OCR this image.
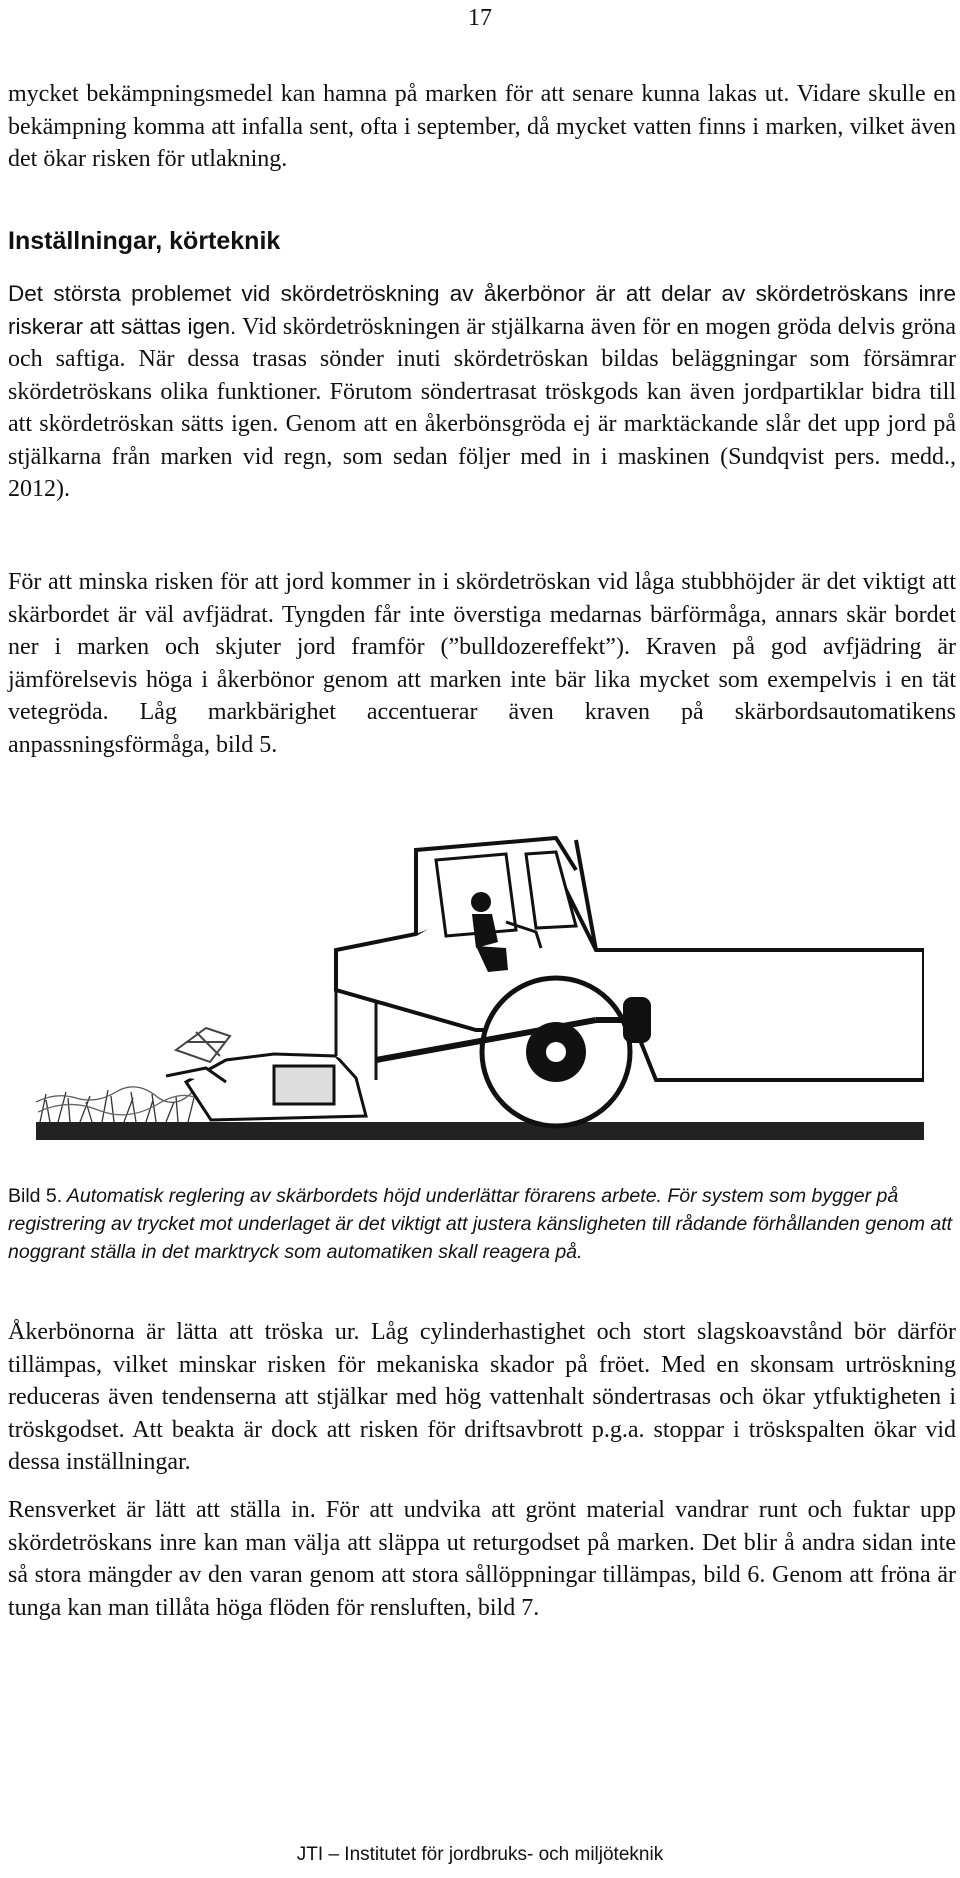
17

mycket bekämpningsmedel kan hamna på marken för att senare kunna lakas ut. Vidare skulle en bekämpning komma att infalla sent, ofta i september, då mycket vatten finns i marken, vilket även det ökar risken för utlakning.

Inställningar, körteknik

Det största problemet vid skördetröskning av åkerbönor är att delar av skördetröskans inre riskerar att sättas igen. Vid skördetröskningen är stjälkarna även för en mogen gröda delvis gröna och saftiga. När dessa trasas sönder inuti skördetröskan bildas beläggningar som försämrar skördetröskans olika funktioner. Förutom söndertrasat tröskgods kan även jordpartiklar bidra till att skördetröskan sätts igen. Genom att en åkerbönsgröda ej är marktäckande slår det upp jord på stjälkarna från marken vid regn, som sedan följer med in i maskinen (Sundqvist pers. medd., 2012).

För att minska risken för att jord kommer in i skördetröskan vid låga stubbhöjder är det viktigt att skärbordet är väl avfjädrat. Tyngden får inte överstiga medarnas bärförmåga, annars skär bordet ner i marken och skjuter jord framför (”bulldozereffekt”). Kraven på god avfjädring är jämförelsevis höga i åkerbönor genom att marken inte bär lika mycket som exempelvis i en tät vetegröda. Låg markbärighet accentuerar även kraven på skärbordsautomatikens anpassningsförmåga, bild 5.

Bild 5. Automatisk reglering av skärbordets höjd underlättar förarens arbete. För system som bygger på registrering av trycket mot underlaget är det viktigt att justera känsligheten till rådande förhållanden genom att noggrant ställa in det marktryck som automatiken skall reagera på.

Åkerbönorna är lätta att tröska ur. Låg cylinderhastighet och stort slagskoavstånd bör därför tillämpas, vilket minskar risken för mekaniska skador på fröet. Med en skonsam urtröskning reduceras även tendenserna att stjälkar med hög vattenhalt söndertrasas och ökar ytfuktigheten i tröskgodset. Att beakta är dock att risken för driftsavbrott p.g.a. stoppar i tröskspalten ökar vid dessa inställningar.

Rensverket är lätt att ställa in. För att undvika att grönt material vandrar runt och fuktar upp skördetröskans inre kan man välja att släppa ut returgodset på marken. Det blir å andra sidan inte så stora mängder av den varan genom att stora sållöppningar tillämpas, bild 6. Genom att fröna är tunga kan man tillåta höga flöden för rensluften, bild 7.

JTI – Institutet för jordbruks- och miljöteknik
